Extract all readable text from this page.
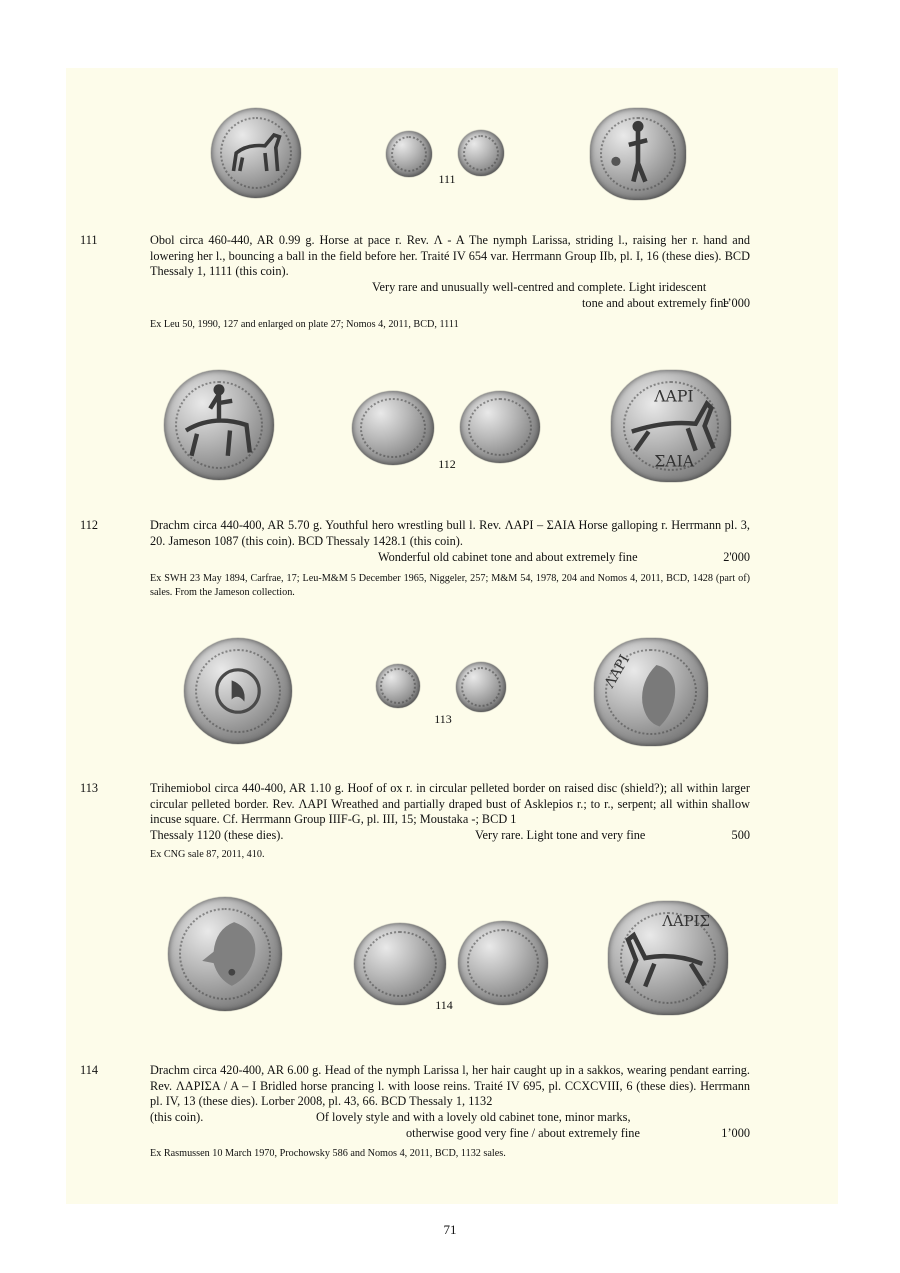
111
111	Obol circa 460-440, AR 0.99 g. Horse at pace r. Rev. Λ - Α The nymph Larissa, striding l., raising her r. hand and lowering her l., bouncing a ball in the field before her. Traité IV 654 var. Herrmann Group IIb, pl. I, 16 (these dies). BCD Thessaly 1, 1111 (this coin).
Very rare and unusually well-centred and complete. Light iridescent
tone and about extremely fine
1’000
Ex Leu 50, 1990, 127 and enlarged on plate 27; Nomos 4, 2011, BCD, 1111
ΛΑΡΙ
ΣΑΙΑ
112
112	Drachm circa 440-400, AR 5.70 g. Youthful hero wrestling bull l. Rev. ΛΑΡΙ – ΣΑΙΑ Horse galloping r. Herrmann pl. 3, 20. Jameson 1087 (this coin). BCD Thessaly 1428.1 (this coin).
Wonderful old cabinet tone and about extremely fine	2'000
Ex SWH 23 May 1894, Carfrae, 17; Leu-M&M 5 December 1965, Niggeler, 257; M&M 54, 1978, 204 and Nomos 4, 2011, BCD, 1428 (part of) sales. From the Jameson collection.
ΛΑΡΙ
113
113	Trihemiobol circa 440-400, AR 1.10 g. Hoof of ox r. in circular pelleted border on raised disc (shield?); all within larger circular pelleted border. Rev. ΛΑΡΙ Wreathed and partially draped bust of Asklepios r.; to r., serpent; all within shallow incuse square. Cf. Herrmann Group IIIF-G, pl. III, 15; Moustaka -; BCD 1
Thessaly 1120 (these dies).	Very rare. Light tone and very fine	500
Ex CNG sale 87, 2011, 410.
ΛΑΡΙΣ
114
114	Drachm circa 420-400, AR 6.00 g. Head of the nymph Larissa l, her hair caught up in a sakkos, wearing pendant earring. Rev. ΛΑΡΙΣΑ / Α – Ι Bridled horse prancing l. with loose reins. Traité IV 695, pl. CCXCVIII, 6 (these dies). Herrmann pl. IV, 13 (these dies). Lorber 2008, pl. 43, 66. BCD Thessaly 1, 1132
(this coin).	Of lovely style and with a lovely old cabinet tone, minor marks,
otherwise good very fine / about extremely fine	1’000
Ex Rasmussen 10 March 1970, Prochowsky 586 and Nomos 4, 2011, BCD, 1132 sales.
71
